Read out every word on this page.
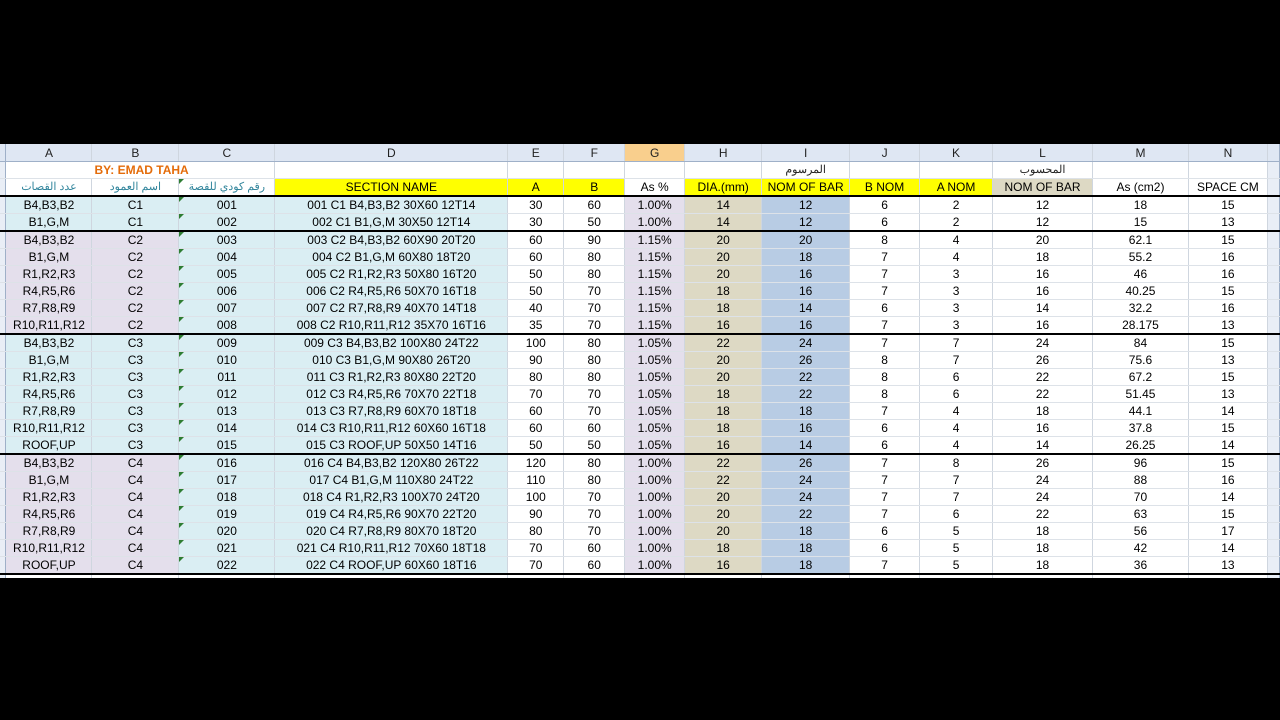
	A	B	C	D	E	F	G	H	I	J	K	L	M	N	
	BY: EMAD TAHA								المرسوم			المحسوب			
	عدد القصات	اسم العمود	رقم كودي للقصة	SECTION NAME	A	B	As %	DIA.(mm)	NOM OF BAR	B NOM	A NOM	NOM OF BAR	As (cm2)	SPACE CM	
	B4,B3,B2	C1	001	001 C1 B4,B3,B2 30X60 12T14	30	60	1.00%	14	12	6	2	12	18	15	
	B1,G,M	C1	002	002 C1 B1,G,M 30X50 12T14	30	50	1.00%	14	12	6	2	12	15	13	
	B4,B3,B2	C2	003	003 C2 B4,B3,B2 60X90 20T20	60	90	1.15%	20	20	8	4	20	62.1	15	
	B1,G,M	C2	004	004 C2 B1,G,M 60X80 18T20	60	80	1.15%	20	18	7	4	18	55.2	16	
	R1,R2,R3	C2	005	005 C2 R1,R2,R3 50X80 16T20	50	80	1.15%	20	16	7	3	16	46	16	
	R4,R5,R6	C2	006	006 C2 R4,R5,R6 50X70 16T18	50	70	1.15%	18	16	7	3	16	40.25	15	
	R7,R8,R9	C2	007	007 C2 R7,R8,R9 40X70 14T18	40	70	1.15%	18	14	6	3	14	32.2	16	
	R10,R11,R12	C2	008	008 C2 R10,R11,R12 35X70 16T16	35	70	1.15%	16	16	7	3	16	28.175	13	
	B4,B3,B2	C3	009	009 C3 B4,B3,B2 100X80 24T22	100	80	1.05%	22	24	7	7	24	84	15	
	B1,G,M	C3	010	010 C3 B1,G,M 90X80 26T20	90	80	1.05%	20	26	8	7	26	75.6	13	
	R1,R2,R3	C3	011	011 C3 R1,R2,R3 80X80 22T20	80	80	1.05%	20	22	8	6	22	67.2	15	
	R4,R5,R6	C3	012	012 C3 R4,R5,R6 70X70 22T18	70	70	1.05%	18	22	8	6	22	51.45	13	
	R7,R8,R9	C3	013	013 C3 R7,R8,R9 60X70 18T18	60	70	1.05%	18	18	7	4	18	44.1	14	
	R10,R11,R12	C3	014	014 C3 R10,R11,R12 60X60 16T18	60	60	1.05%	18	16	6	4	16	37.8	15	
	ROOF,UP	C3	015	015 C3 ROOF,UP 50X50 14T16	50	50	1.05%	16	14	6	4	14	26.25	14	
	B4,B3,B2	C4	016	016 C4 B4,B3,B2 120X80 26T22	120	80	1.00%	22	26	7	8	26	96	15	
	B1,G,M	C4	017	017 C4 B1,G,M 110X80 24T22	110	80	1.00%	22	24	7	7	24	88	16	
	R1,R2,R3	C4	018	018 C4 R1,R2,R3 100X70 24T20	100	70	1.00%	20	24	7	7	24	70	14	
	R4,R5,R6	C4	019	019 C4 R4,R5,R6 90X70 22T20	90	70	1.00%	20	22	7	6	22	63	15	
	R7,R8,R9	C4	020	020 C4 R7,R8,R9 80X70 18T20	80	70	1.00%	20	18	6	5	18	56	17	
	R10,R11,R12	C4	021	021 C4 R10,R11,R12 70X60 18T18	70	60	1.00%	18	18	6	5	18	42	14	
	ROOF,UP	C4	022	022 C4 ROOF,UP 60X60 18T16	70	60	1.00%	16	18	7	5	18	36	13	
